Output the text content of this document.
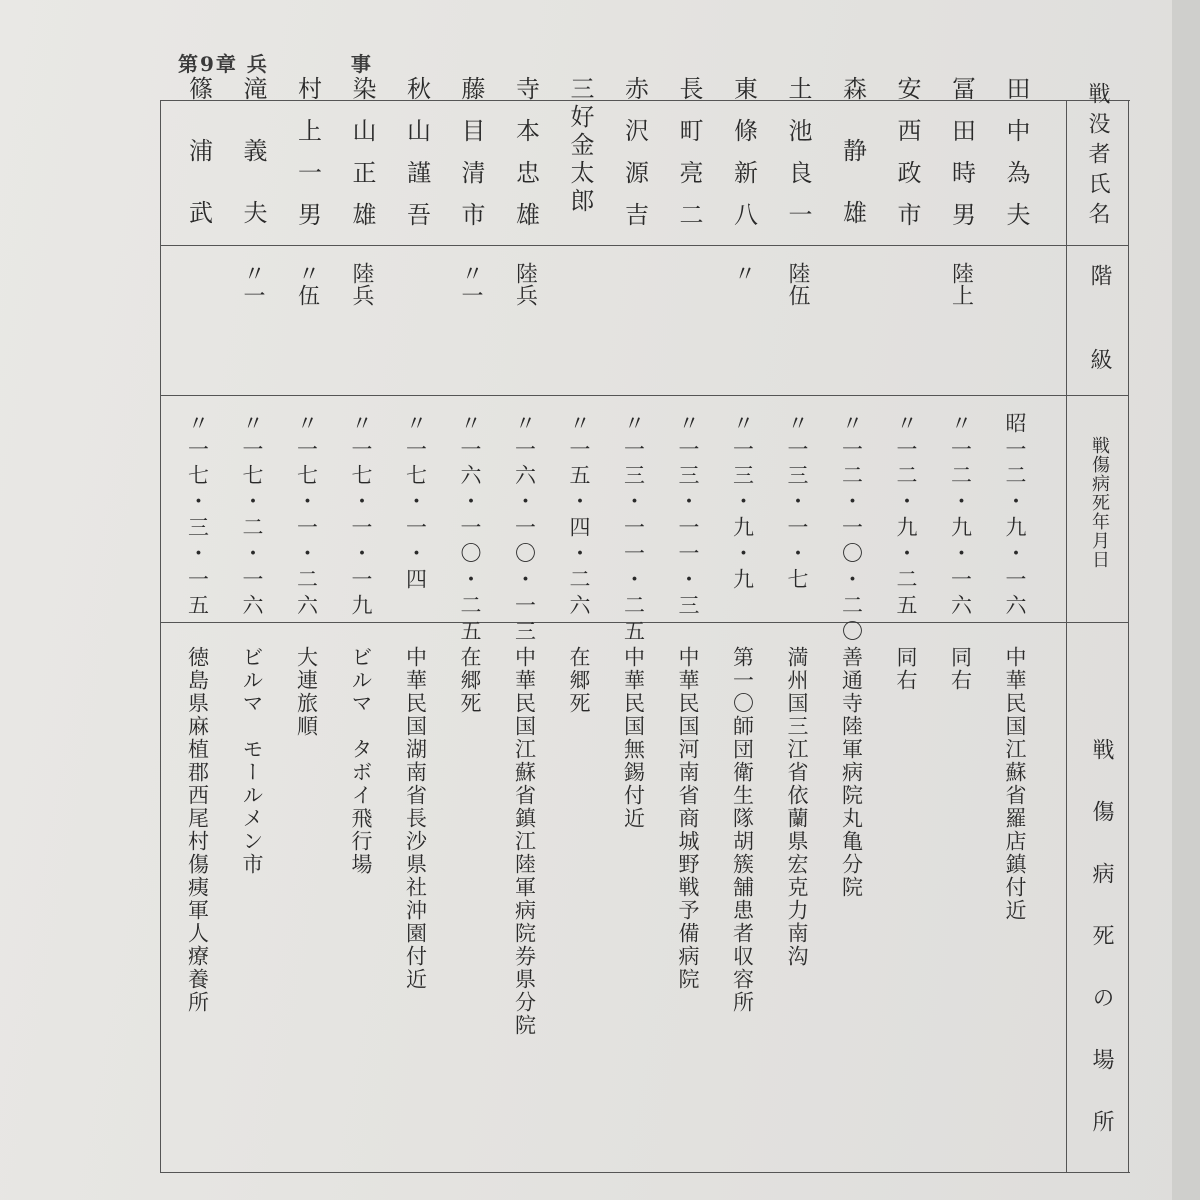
第9章 兵	事
戦没者氏名
階級
戦傷病死年月日
戦傷病死の場所
田中為夫
昭一二・九・一六
中華民国江蘇省羅店鎮付近
冨田時男
陸上
〃一二・九・一六
同右
安西政市
〃一二・九・二五
同右
森静雄
〃一二・一〇・二〇
善通寺陸軍病院丸亀分院
土池良一
陸伍
〃一三・一・七
満州国三江省依蘭県宏克力南沟
東條新八
〃
〃一三・九・九
第一〇師団衛生隊胡簇舗患者収容所
長町亮二
〃一三・一一・三
中華民国河南省商城野戦予備病院
赤沢源吉
〃一三・一一・二五
中華民国無錫付近
三好金太郎
〃一五・四・二六
在郷死
寺本忠雄
陸兵
〃一六・一〇・一三
中華民国江蘇省鎮江陸軍病院券県分院
藤目清市
〃一
〃一六・一〇・二五
在郷死
秋山謹吾
〃一七・一・四
中華民国湖南省長沙県社沖園付近
染山正雄
陸兵
〃一七・一・一九
ビルマ　タボイ飛行場
村上一男
〃伍
〃一七・一・二六
大連旅順
滝義夫
〃一
〃一七・二・一六
ビルマ　モールメン市
篠浦武
〃一七・三・一五
徳島県麻植郡西尾村傷痍軍人療養所
